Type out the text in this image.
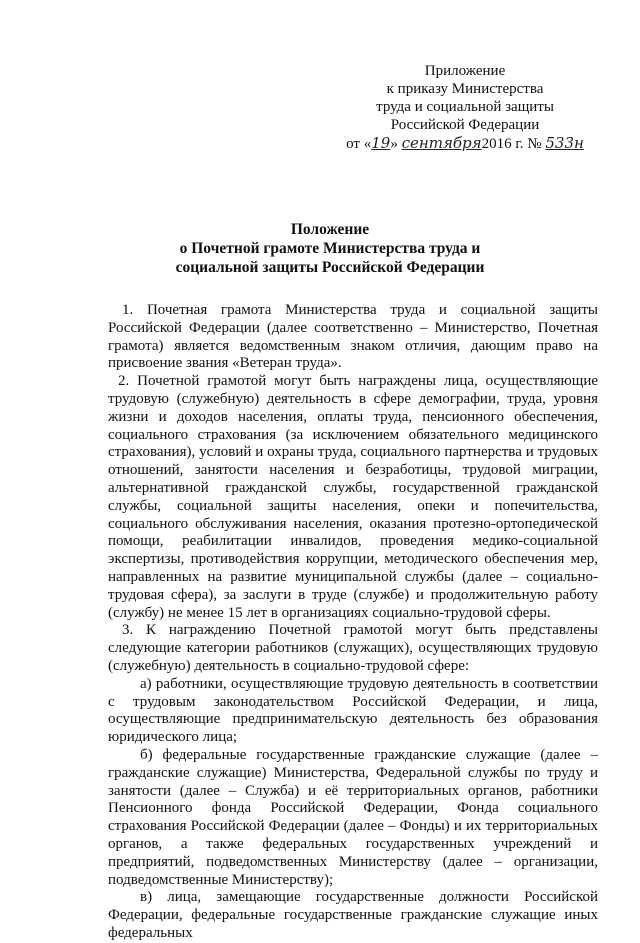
Приложение
к приказу Министерства
труда и социальной защиты
Российской Федерации
от «19» сентября2016 г. № 533н
Положение
о Почетной грамоте Министерства труда и
социальной защиты Российской Федерации

1. Почетная грамота Министерства труда и социальной защиты Российской Федерации (далее соответственно – Министерство, Почетная грамота) является ведомственным знаком отличия, дающим право на присвоение звания «Ветеран труда».

2. Почетной грамотой могут быть награждены лица, осуществляющие трудовую (служебную) деятельность в сфере демографии, труда, уровня жизни и доходов населения, оплаты труда, пенсионного обеспечения, социального страхования (за исключением обязательного медицинского страхования), условий и охраны труда, социального партнерства и трудовых отношений, занятости населения и безработицы, трудовой миграции, альтернативной гражданской службы, государственной гражданской службы, социальной защиты населения, опеки и попечительства, социального обслуживания населения, оказания протезно-ортопедической помощи, реабилитации инвалидов, проведения медико-социальной экспертизы, противодействия коррупции, методического обеспечения мер, направленных на развитие муниципальной службы (далее – социально-трудовая сфера), за заслуги в труде (службе) и продолжительную работу (службу) не менее 15 лет в организациях социально-трудовой сферы.

3. К награждению Почетной грамотой могут быть представлены следующие категории работников (служащих), осуществляющих трудовую (служебную) деятельность в социально-трудовой сфере:

а) работники, осуществляющие трудовую деятельность в соответствии с трудовым законодательством Российской Федерации, и лица, осуществляющие предпринимательскую деятельность без образования юридического лица;

б) федеральные государственные гражданские служащие (далее – гражданские служащие) Министерства, Федеральной службы по труду и занятости (далее – Служба) и её территориальных органов, работники Пенсионного фонда Российской Федерации, Фонда социального страхования Российской Федерации (далее – Фонды) и их территориальных органов, а также федеральных государственных учреждений и предприятий, подведомственных Министерству (далее – организации, подведомственные Министерству);

в) лица, замещающие государственные должности Российской Федерации, федеральные государственные гражданские служащие иных федеральных
